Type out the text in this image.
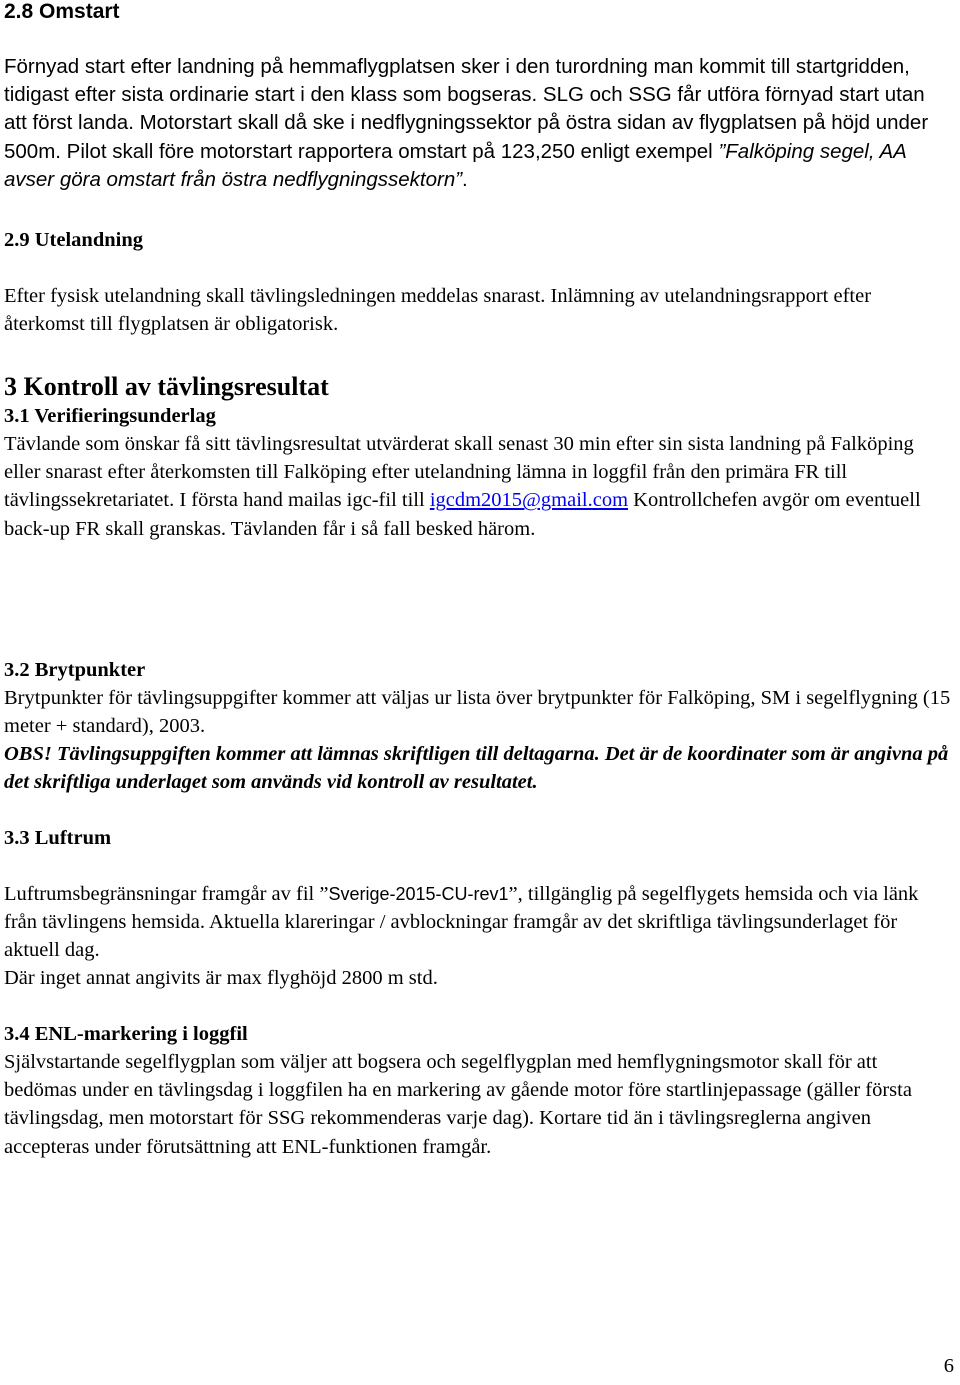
2.8 Omstart

Förnyad start efter landning på hemmaflygplatsen sker i den turordning man kommit till startgridden, tidigast efter sista ordinarie start i den klass som bogseras. SLG och SSG får utföra förnyad start utan att först landa. Motorstart skall då ske i nedflygningssektor på östra sidan av flygplatsen på höjd under 500m. Pilot skall före motorstart rapportera omstart på 123,250 enligt exempel ”Falköping segel, AA avser göra omstart från östra nedflygningssektorn”.

2.9 Utelandning

Efter fysisk utelandning skall tävlingsledningen meddelas snarast. Inlämning av utelandningsrapport efter återkomst till flygplatsen är obligatorisk.

3 Kontroll av tävlingsresultat
3.1 Verifieringsunderlag

Tävlande som önskar få sitt tävlingsresultat utvärderat skall senast 30 min efter sin sista landning på Falköping eller snarast efter återkomsten till Falköping efter utelandning lämna in loggfil från den primära FR till tävlingssekretariatet. I första hand mailas igc-fil till igcdm2015@gmail.com Kontrollchefen avgör om eventuell back-up FR skall granskas. Tävlanden får i så fall besked härom.

3.2 Brytpunkter

Brytpunkter för tävlingsuppgifter kommer att väljas ur lista över brytpunkter för Falköping, SM i segelflygning (15 meter + standard), 2003.

OBS! Tävlingsuppgiften kommer att lämnas skriftligen till deltagarna. Det är de koordinater som är angivna på det skriftliga underlaget som används vid kontroll av resultatet.

3.3 Luftrum

Luftrumsbegränsningar framgår av fil ”Sverige-2015-CU-rev1”, tillgänglig på segelflygets hemsida och via länk från tävlingens hemsida. Aktuella klareringar / avblockningar framgår av det skriftliga tävlingsunderlaget för aktuell dag.

Där inget annat angivits är max flyghöjd 2800 m std.

3.4 ENL-markering i loggfil

Självstartande segelflygplan som väljer att bogsera och segelflygplan med hemflygningsmotor skall för att bedömas under en tävlingsdag i loggfilen ha en markering av gående motor före startlinjepassage (gäller första tävlingsdag, men motorstart för SSG rekommenderas varje dag). Kortare tid än i tävlingsreglerna angiven accepteras under förutsättning att ENL-funktionen framgår.

6
